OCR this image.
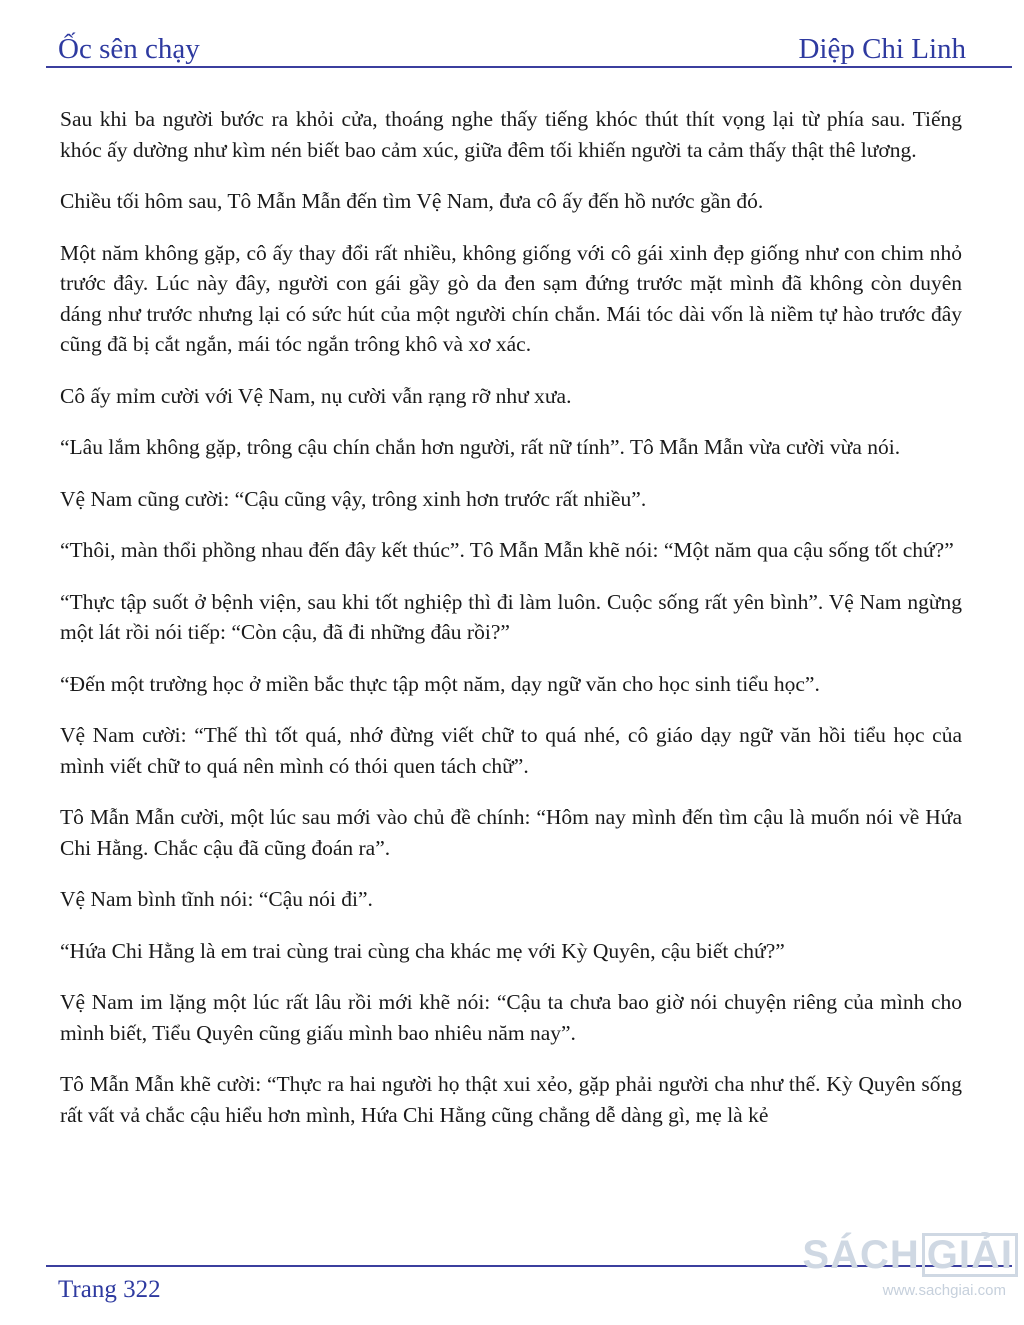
Ốc sên chạy	Diệp Chi Linh

Sau khi ba người bước ra khỏi cửa, thoáng nghe thấy tiếng khóc thút thít vọng lại từ phía sau. Tiếng khóc ấy dường như kìm nén biết bao cảm xúc, giữa đêm tối khiến người ta cảm thấy thật thê lương.

Chiều tối hôm sau, Tô Mẫn Mẫn đến tìm Vệ Nam, đưa cô ấy đến hồ nước gần đó.

Một năm không gặp, cô ấy thay đổi rất nhiều, không giống với cô gái xinh đẹp giống như con chim nhỏ trước đây. Lúc này đây, người con gái gầy gò da đen sạm đứng trước mặt mình đã không còn duyên dáng như trước nhưng lại có sức hút của một người chín chắn. Mái tóc dài vốn là niềm tự hào trước đây cũng đã bị cắt ngắn, mái tóc ngắn trông khô và xơ xác.

Cô ấy mỉm cười với Vệ Nam, nụ cười vẫn rạng rỡ như xưa.

“Lâu lắm không gặp, trông cậu chín chắn hơn người, rất nữ tính”. Tô Mẫn Mẫn vừa cười vừa nói.

Vệ Nam cũng cười: “Cậu cũng vậy, trông xinh hơn trước rất nhiều”.

“Thôi, màn thổi phồng nhau đến đây kết thúc”. Tô Mẫn Mẫn khẽ nói: “Một năm qua cậu sống tốt chứ?”

“Thực tập suốt ở bệnh viện, sau khi tốt nghiệp thì đi làm luôn. Cuộc sống rất yên bình”. Vệ Nam ngừng một lát rồi nói tiếp: “Còn cậu, đã đi những đâu rồi?”

“Đến một trường học ở miền bắc thực tập một năm, dạy ngữ văn cho học sinh tiểu học”.

Vệ Nam cười: “Thế thì tốt quá, nhớ đừng viết chữ to quá nhé, cô giáo dạy ngữ văn hồi tiểu học của mình viết chữ to quá nên mình có thói quen tách chữ”.

Tô Mẫn Mẫn cười, một lúc sau mới vào chủ đề chính: “Hôm nay mình đến tìm cậu là muốn nói về Hứa Chi Hằng. Chắc cậu đã cũng đoán ra”.

Vệ Nam bình tĩnh nói: “Cậu nói đi”.

“Hứa Chi Hằng là em trai cùng trai cùng cha khác mẹ với Kỳ Quyên, cậu biết chứ?”

Vệ Nam im lặng một lúc rất lâu rồi mới khẽ nói: “Cậu ta chưa bao giờ nói chuyện riêng của mình cho mình biết, Tiểu Quyên cũng giấu mình bao nhiêu năm nay”.

Tô Mẫn Mẫn khẽ cười: “Thực ra hai người họ thật xui xẻo, gặp phải người cha như thế. Kỳ Quyên sống rất vất vả chắc cậu hiểu hơn mình, Hứa Chi Hằng cũng chẳng dễ dàng gì, mẹ là kẻ

Trang 322
SÁCH GIẢI
www.sachgiai.com
